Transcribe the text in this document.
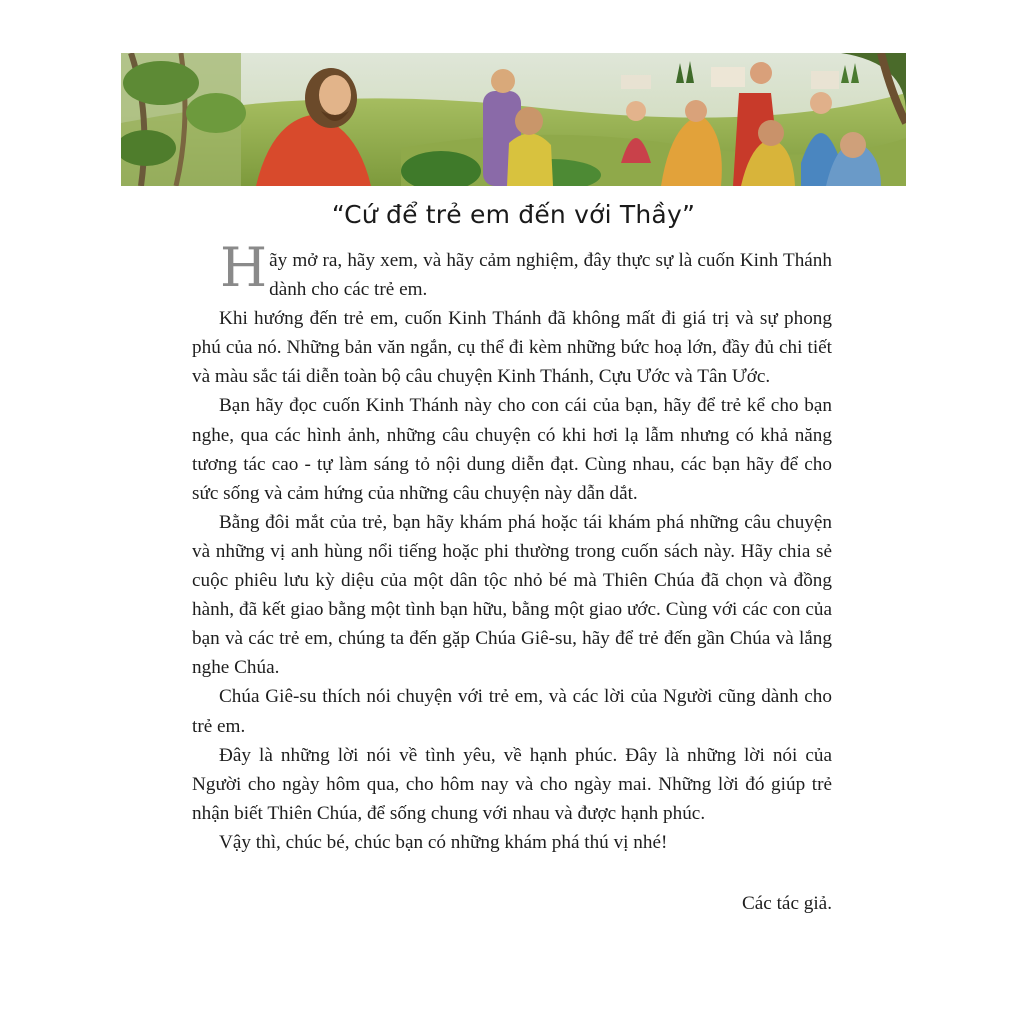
“Cứ để trẻ em đến với Thầy”

Hãy mở ra, hãy xem, và hãy cảm nghiệm, đây thực sự là cuốn Kinh Thánh dành cho các trẻ em.

Khi hướng đến trẻ em, cuốn Kinh Thánh đã không mất đi giá trị và sự phong phú của nó. Những bản văn ngắn, cụ thể đi kèm những bức hoạ lớn, đầy đủ chi tiết và màu sắc tái diễn toàn bộ câu chuyện Kinh Thánh, Cựu Ước và Tân Ước.

Bạn hãy đọc cuốn Kinh Thánh này cho con cái của bạn, hãy để trẻ kể cho bạn nghe, qua các hình ảnh, những câu chuyện có khi hơi lạ lẫm nhưng có khả năng tương tác cao - tự làm sáng tỏ nội dung diễn đạt. Cùng nhau, các bạn hãy để cho sức sống và cảm hứng của những câu chuyện này dẫn dắt.

Bằng đôi mắt của trẻ, bạn hãy khám phá hoặc tái khám phá những câu chuyện và những vị anh hùng nổi tiếng hoặc phi thường trong cuốn sách này. Hãy chia sẻ cuộc phiêu lưu kỳ diệu của một dân tộc nhỏ bé mà Thiên Chúa đã chọn và đồng hành, đã kết giao bằng một tình bạn hữu, bằng một giao ước. Cùng với các con của bạn và các trẻ em, chúng ta đến gặp Chúa Giê-su, hãy để trẻ đến gần Chúa và lắng nghe Chúa.

Chúa Giê-su thích nói chuyện với trẻ em, và các lời của Người cũng dành cho trẻ em.

Đây là những lời nói về tình yêu, về hạnh phúc. Đây là những lời nói của Người cho ngày hôm qua, cho hôm nay và cho ngày mai. Những lời đó giúp trẻ nhận biết Thiên Chúa, để sống chung với nhau và được hạnh phúc.

Vậy thì, chúc bé, chúc bạn có những khám phá thú vị nhé!

Các tác giả.
